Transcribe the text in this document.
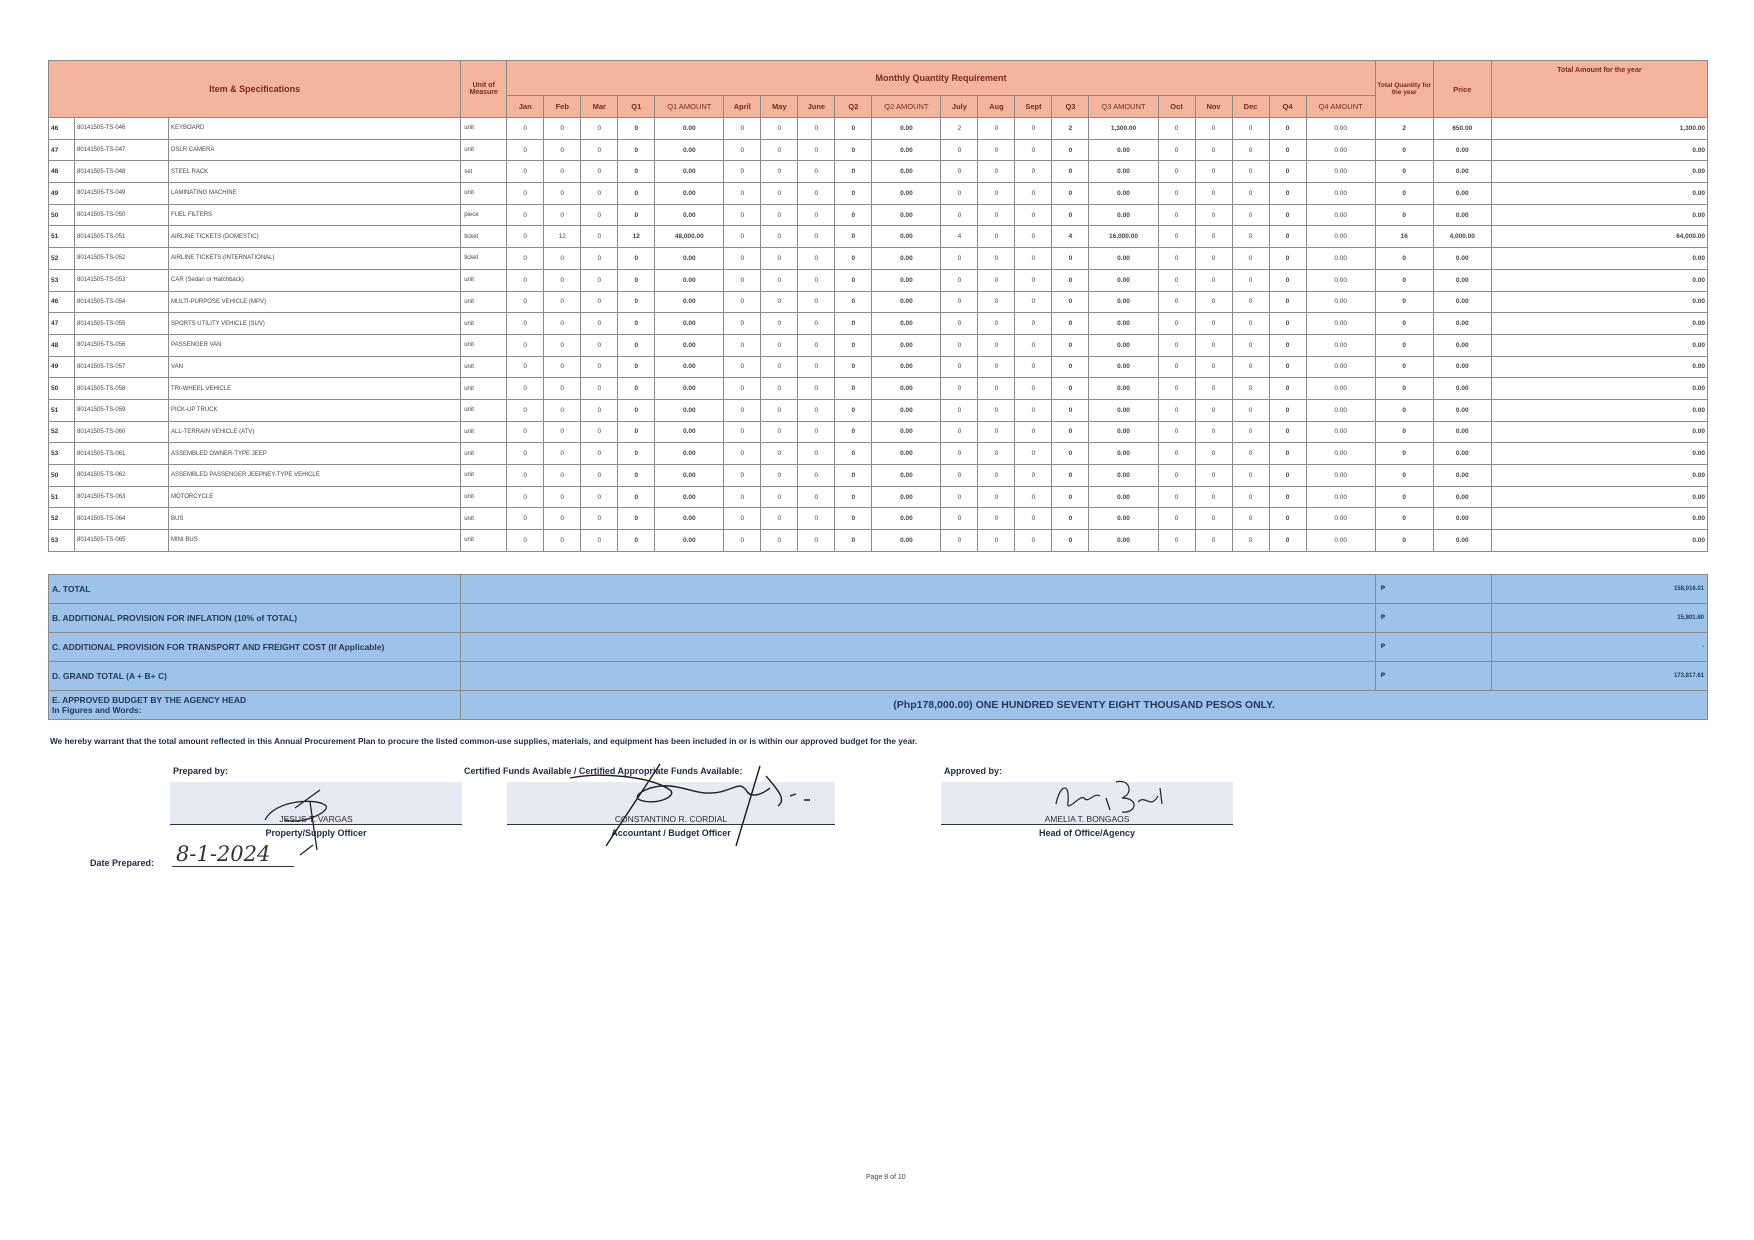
Item & Specifications			Unit of Measure	Monthly Quantity Requirement																				Total Quantity for the year	Price	Total Amount for the year
				Jan	Feb	Mar	Q1	Q1 AMOUNT	April	May	June	Q2	Q2 AMOUNT	July	Aug	Sept	Q3	Q3 AMOUNT	Oct	Nov	Dec	Q4	Q4 AMOUNT			
46	80141505-TS-046	KEYBOARD	unit	0	0	0	0	0.00	0	0	0	0	0.00	2	0	0	2	1,300.00	0	0	0	0	0.00	2	650.00	1,300.00
47	80141505-TS-047	DSLR CAMERA	unit	0	0	0	0	0.00	0	0	0	0	0.00	0	0	0	0	0.00	0	0	0	0	0.00	0	0.00	0.00
48	80141505-TS-048	STEEL RACK	set	0	0	0	0	0.00	0	0	0	0	0.00	0	0	0	0	0.00	0	0	0	0	0.00	0	0.00	0.00
49	80141505-TS-049	LAMINATING MACHINE	unit	0	0	0	0	0.00	0	0	0	0	0.00	0	0	0	0	0.00	0	0	0	0	0.00	0	0.00	0.00
50	80141505-TS-050	FUEL FILTERS	piece	0	0	0	0	0.00	0	0	0	0	0.00	0	0	0	0	0.00	0	0	0	0	0.00	0	0.00	0.00
51	80141505-TS-051	AIRLINE TICKETS (DOMESTIC)	ticket	0	12	0	12	48,000.00	0	0	0	0	0.00	4	0	0	4	16,000.00	0	0	0	0	0.00	16	4,000.00	64,000.00
52	80141505-TS-052	AIRLINE TICKETS (INTERNATIONAL)	ticket	0	0	0	0	0.00	0	0	0	0	0.00	0	0	0	0	0.00	0	0	0	0	0.00	0	0.00	0.00
53	80141505-TS-053	CAR (Sedan or Hatchback)	unit	0	0	0	0	0.00	0	0	0	0	0.00	0	0	0	0	0.00	0	0	0	0	0.00	0	0.00	0.00
46	80141505-TS-054	MULTI-PURPOSE VEHICLE (MPV)	unit	0	0	0	0	0.00	0	0	0	0	0.00	0	0	0	0	0.00	0	0	0	0	0.00	0	0.00	0.00
47	80141505-TS-055	SPORTS UTILITY VEHICLE (SUV)	unit	0	0	0	0	0.00	0	0	0	0	0.00	0	0	0	0	0.00	0	0	0	0	0.00	0	0.00	0.00
48	80141505-TS-056	PASSENGER VAN	unit	0	0	0	0	0.00	0	0	0	0	0.00	0	0	0	0	0.00	0	0	0	0	0.00	0	0.00	0.00
49	80141505-TS-057	VAN	unit	0	0	0	0	0.00	0	0	0	0	0.00	0	0	0	0	0.00	0	0	0	0	0.00	0	0.00	0.00
50	80141505-TS-058	TRI-WHEEL VEHICLE	unit	0	0	0	0	0.00	0	0	0	0	0.00	0	0	0	0	0.00	0	0	0	0	0.00	0	0.00	0.00
51	80141505-TS-059	PICK-UP TRUCK	unit	0	0	0	0	0.00	0	0	0	0	0.00	0	0	0	0	0.00	0	0	0	0	0.00	0	0.00	0.00
52	80141505-TS-060	ALL-TERRAIN VEHICLE (ATV)	unit	0	0	0	0	0.00	0	0	0	0	0.00	0	0	0	0	0.00	0	0	0	0	0.00	0	0.00	0.00
53	80141505-TS-061	ASSEMBLED OWNER-TYPE JEEP	unit	0	0	0	0	0.00	0	0	0	0	0.00	0	0	0	0	0.00	0	0	0	0	0.00	0	0.00	0.00
50	80141505-TS-062	ASSEMBLED PASSENGER JEEPNEY-TYPE VEHICLE	unit	0	0	0	0	0.00	0	0	0	0	0.00	0	0	0	0	0.00	0	0	0	0	0.00	0	0.00	0.00
51	80141505-TS-063	MOTORCYCLE	unit	0	0	0	0	0.00	0	0	0	0	0.00	0	0	0	0	0.00	0	0	0	0	0.00	0	0.00	0.00
52	80141505-TS-064	BUS	unit	0	0	0	0	0.00	0	0	0	0	0.00	0	0	0	0	0.00	0	0	0	0	0.00	0	0.00	0.00
53	80141505-TS-065	MINI BUS	unit	0	0	0	0	0.00	0	0	0	0	0.00	0	0	0	0	0.00	0	0	0	0	0.00	0	0.00	0.00

A. TOTAL																								₱		158,016.01
B. ADDITIONAL PROVISION FOR INFLATION (10% of TOTAL)																								₱		15,801.60
C. ADDITIONAL PROVISION FOR TRANSPORT AND FREIGHT COST (If Applicable)																								₱		-
D. GRAND TOTAL (A + B+ C)																								₱		173,817.61
E. APPROVED BUDGET BY THE AGENCY HEAD
In Figures and Words:			(Php178,000.00) ONE HUNDRED SEVENTY EIGHT THOUSAND PESOS ONLY.																							
We hereby warrant that the total amount reflected in this Annual Procurement Plan to procure the listed common-use supplies, materials, and equipment has been included in or is within our approved budget for the year.
Prepared by:
JESUS T. VARGAS
Property/Supply Officer
Certified Funds Available / Certified Appropriate Funds Available:
CONSTANTINO R. CORDIAL
Accountant / Budget Officer
Approved by:
AMELIA T. BONGAOS
Head of Office/Agency
Date Prepared: 8-1-2024
Page 8 of 10
